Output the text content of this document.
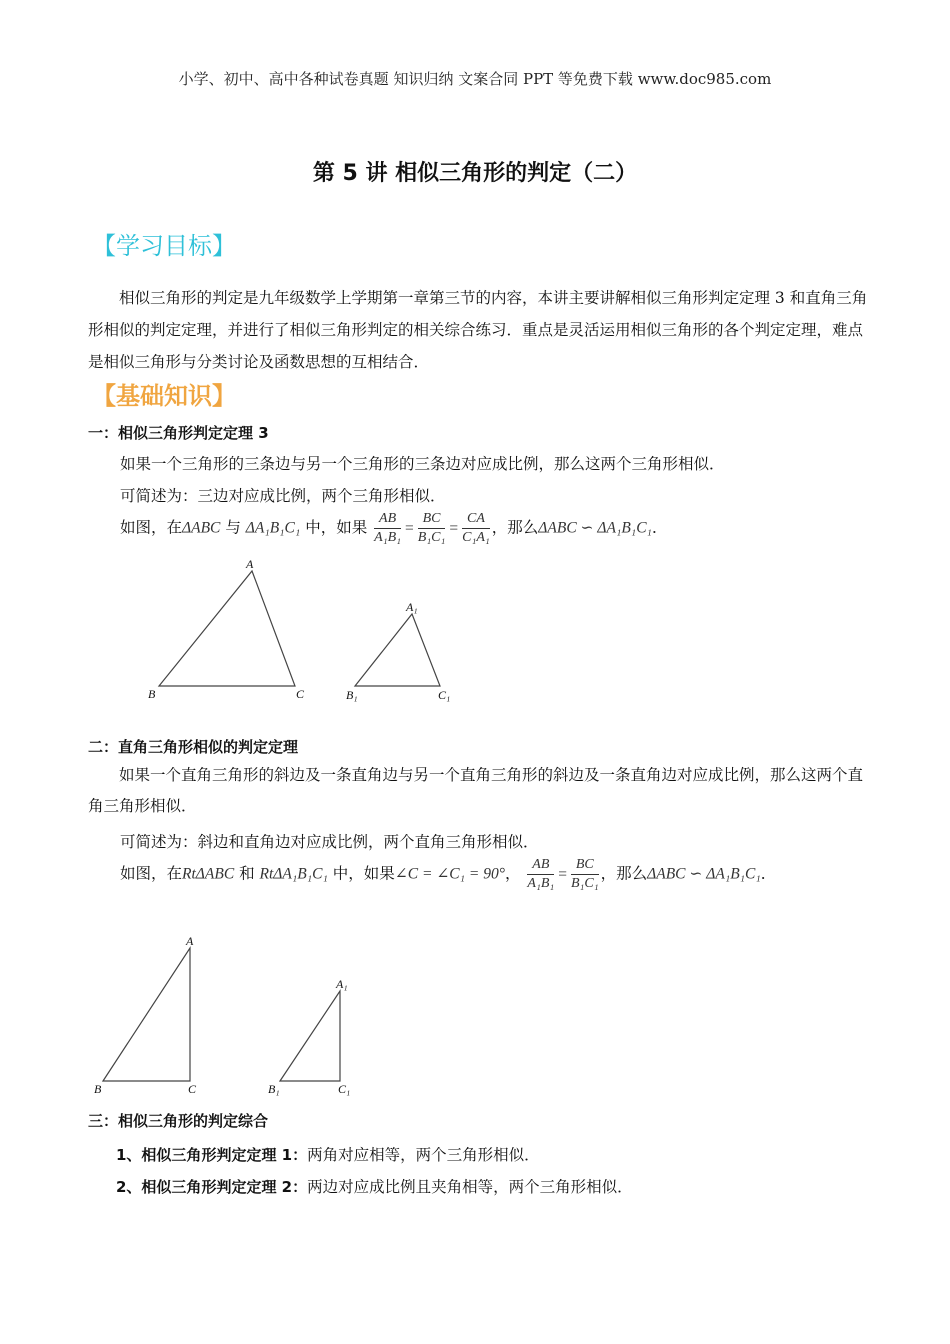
小学、初中、高中各种试卷真题 知识归纳 文案合同 PPT 等免费下载 www.doc985.com
第 5 讲 相似三角形的判定（二）
【学习目标】
相似三角形的判定是九年级数学上学期第一章第三节的内容，本讲主要讲解相似三角形判定定理 3 和直角三角形相似的判定定理，并进行了相似三角形判定的相关综合练习．重点是灵活运用相似三角形的各个判定定理，难点是相似三角形与分类讨论及函数思想的互相结合．
【基础知识】
一：相似三角形判定定理 3
如果一个三角形的三条边与另一个三角形的三条边对应成比例，那么这两个三角形相似．
可简述为：三边对应成比例，两个三角形相似．
如图，在ΔABC 与 ΔA₁B₁C₁ 中，如果 $\frac{AB}{\text{A₁B₁}} = \frac{BC}{\text{B₁C₁}} = \frac{CA}{\text{C₁A₁}}$ ，那么ΔABC ∽ ΔA₁B₁C₁．
A
B	C
A₁
B₁	C₁
A
B	C
A₁
B₁	C₁
二：直角三角形相似的判定定理
如果一个直角三角形的斜边及一条直角边与另一个直角三角形的斜边及一条直角边对应成比例，那么这两个直角三角形相似．
可简述为：斜边和直角边对应成比例，两个直角三角形相似．
如图，在RtΔABC 和 RtΔA₁B₁C₁ 中，如果∠C = ∠C₁ = 90°， $\frac{AB}{\text{A₁B₁}} = \frac{BC}{\text{B₁C₁}}$ ，那么ΔABC ∽ ΔA₁B₁C₁．
三：相似三角形的判定综合
1、相似三角形判定定理 1：两角对应相等，两个三角形相似．
2、相似三角形判定定理 2：两边对应成比例且夹角相等，两个三角形相似．
